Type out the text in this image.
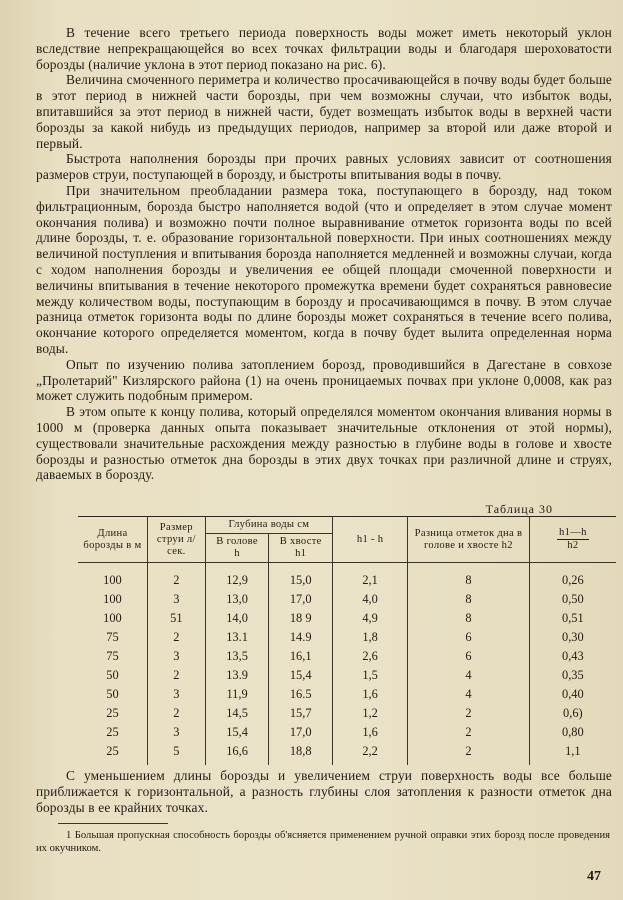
В течение всего третьего периода поверхность воды может иметь некоторый уклон вследствие непрекращающейся во всех точках фильтрации воды и благодаря шероховатости борозды (наличие уклона в этот период показано на рис. 6).

Величина смоченного периметра и количество просачивающейся в почву воды будет больше в этот период в нижней части борозды, при чем возможны случаи, что избыток воды, впитавшийся за этот период в нижней части, будет возмещать избыток воды в верхней части борозды за какой нибудь из предыдущих периодов, например за второй или даже второй и первый.

Быстрота наполнения борозды при прочих равных условиях зависит от соотношения размеров струи, поступающей в борозду, и быстроты впитывания воды в почву.

При значительном преобладании размера тока, поступающего в борозду, над током фильтрационным, борозда быстро наполняется водой (что и определяет в этом случае момент окончания полива) и возможно почти полное выравнивание отметок горизонта воды по всей длине борозды, т. е. образование горизонтальной поверхности. При иных соотношениях между величиной поступления и впитывания борозда наполняется медленней и возможны случаи, когда с ходом наполнения борозды и увеличения ее общей площади смоченной поверхности и величины впитывания в течение некоторого промежутка времени будет сохраняться равновесие между количеством воды, поступающим в борозду и просачивающимся в почву. В этом случае разница отметок горизонта воды по длине борозды может сохраняться в течение всего полива, окончание которого определяется моментом, когда в почву будет вылита определенная норма воды.

Опыт по изучению полива затоплением борозд, проводившийся в Дагестане в совхозе „Пролетарий" Кизлярского района (1) на очень проницаемых почвах при уклоне 0,0008, как раз может служить подобным примером.

В этом опыте к концу полива, который определялся моментом окончания вливания нормы в 1000 м (проверка данных опыта показывает значительные отклонения от этой нормы), существовали значительные расхождения между разностью в глубине воды в голове и хвосте борозды и разностью отметок дна борозды в этих двух точках при различной длине и струях, даваемых в борозду.

Таблица 30
Длина борозды в м	Размер струи л/сек.	Глубина воды см		h1 - h	Разница отметок дна в голове и хвосте h2	$\frac{h1—h}{h2}$

		В голове
h	В хвосте
h1			
100	2	12,9	15,0	2,1	8	0,26
100	3	13,0	17,0	4,0	8	0,50
100	51	14,0	18 9	4,9	8	0,51
75	2	13.1	14.9	1,8	6	0,30
75	3	13,5	16,1	2,6	6	0,43
50	2	13.9	15,4	1,5	4	0,35
50	3	11,9	16.5	1,6	4	0,40
25	2	14,5	15,7	1,2	2	0,6)
25	3	15,4	17,0	1,6	2	0,80
25	5	16,6	18,8	2,2	2	1,1

С уменьшением длины борозды и увеличением струи поверхность воды все больше приближается к горизонтальной, а разность глубины слоя затопления к разности отметок дна борозды в ее крайних точках.

1 Большая пропускная способность борозды об'ясняется применением ручной оправки этих борозд после проведения их окучником.
47
